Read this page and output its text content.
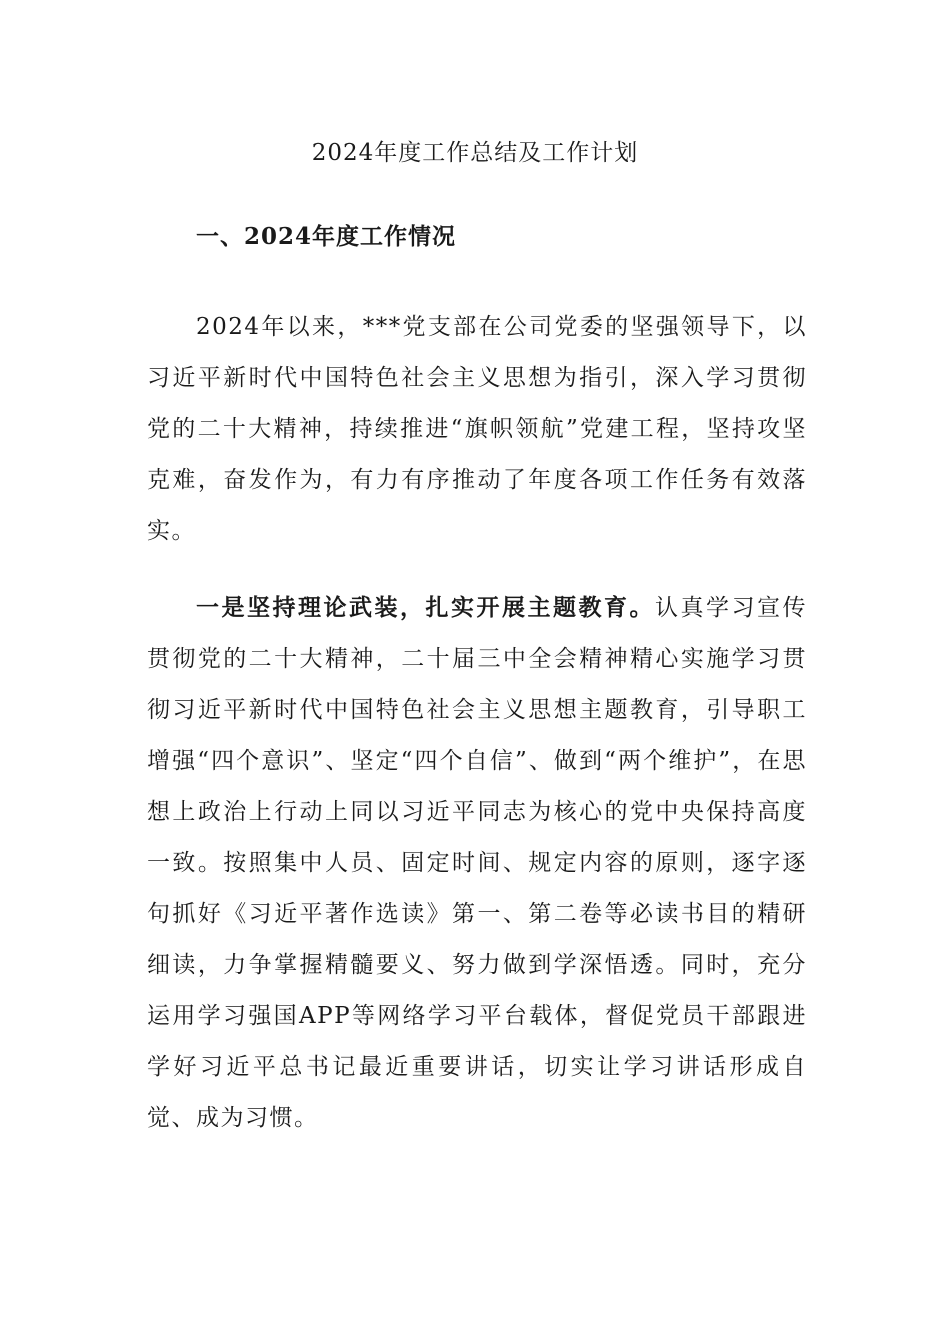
2024年度工作总结及工作计划
一、2024年度工作情况
2024年以来，***党支部在公司党委的坚强领导下，以习近平新时代中国特色社会主义思想为指引，深入学习贯彻党的二十大精神，持续推进“旗帜领航”党建工程，坚持攻坚克难，奋发作为，有力有序推动了年度各项工作任务有效落实。
一是坚持理论武装，扎实开展主题教育。认真学习宣传贯彻党的二十大精神，二十届三中全会精神精心实施学习贯彻习近平新时代中国特色社会主义思想主题教育，引导职工增强“四个意识”、坚定“四个自信”、做到“两个维护”，在思想上政治上行动上同以习近平同志为核心的党中央保持高度一致。按照集中人员、固定时间、规定内容的原则，逐字逐句抓好《习近平著作选读》第一、第二卷等必读书目的精研细读，力争掌握精髓要义、努力做到学深悟透。同时，充分运用学习强国APP等网络学习平台载体，督促党员干部跟进学好习近平总书记最近重要讲话，切实让学习讲话形成自觉、成为习惯。
